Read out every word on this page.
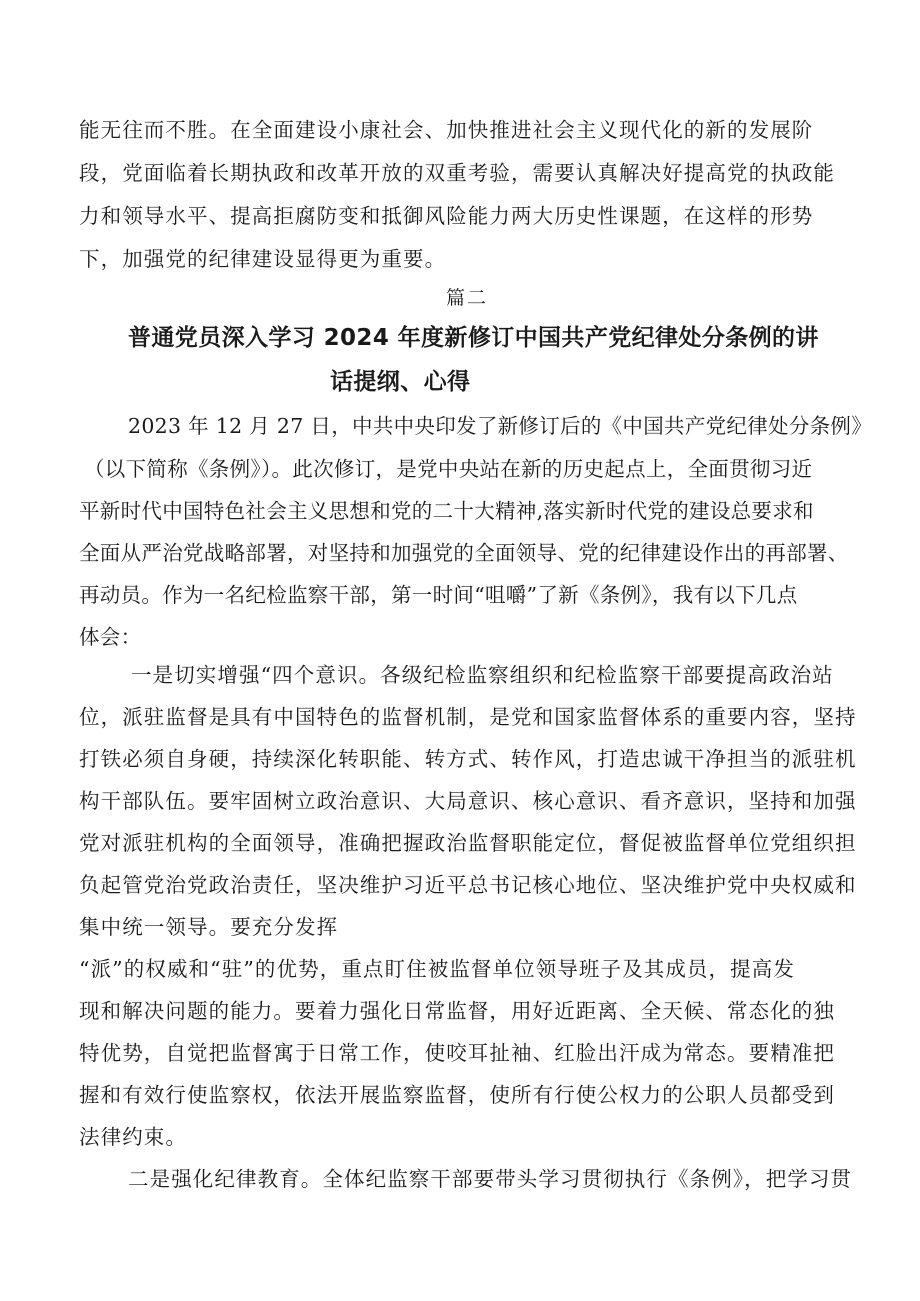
能无往而不胜。在全面建设小康社会、加快推进社会主义现代化的新的发展阶
段，党面临着长期执政和改革开放的双重考验，需要认真解决好提高党的执政能
力和领导水平、提高拒腐防变和抵御风险能力两大历史性课题，在这样的形势
下，加强党的纪律建设显得更为重要。
篇二
普通党员深入学习 2024 年度新修订中国共产党纪律处分条例的讲
话提纲、心得
2023 年 12 月 27 日，中共中央印发了新修订后的《中国共产党纪律处分条例》
（以下简称《条例》）。此次修订，是党中央站在新的历史起点上，全面贯彻习近
平新时代中国特色社会主义思想和党的二十大精神,落实新时代党的建设总要求和
全面从严治党战略部署，对坚持和加强党的全面领导、党的纪律建设作出的再部署、
再动员。作为一名纪检监察干部，第一时间“咀嚼”了新《条例》，我有以下几点
体会：
一是切实增强“四个意识。各级纪检监察组织和纪检监察干部要提高政治站
位，派驻监督是具有中国特色的监督机制，是党和国家监督体系的重要内容，坚持
打铁必须自身硬，持续深化转职能、转方式、转作风，打造忠诚干净担当的派驻机
构干部队伍。要牢固树立政治意识、大局意识、核心意识、看齐意识，坚持和加强
党对派驻机构的全面领导，准确把握政治监督职能定位，督促被监督单位党组织担
负起管党治党政治责任，坚决维护习近平总书记核心地位、坚决维护党中央权威和
集中统一领导。要充分发挥
“派”的权威和“驻”的优势，重点盯住被监督单位领导班子及其成员，提高发
现和解决问题的能力。要着力强化日常监督，用好近距离、全天候、常态化的独
特优势，自觉把监督寓于日常工作，使咬耳扯袖、红脸出汗成为常态。要精准把
握和有效行使监察权，依法开展监察监督，使所有行使公权力的公职人员都受到
法律约束。
二是强化纪律教育。全体纪监察干部要带头学习贯彻执行《条例》，把学习贯
